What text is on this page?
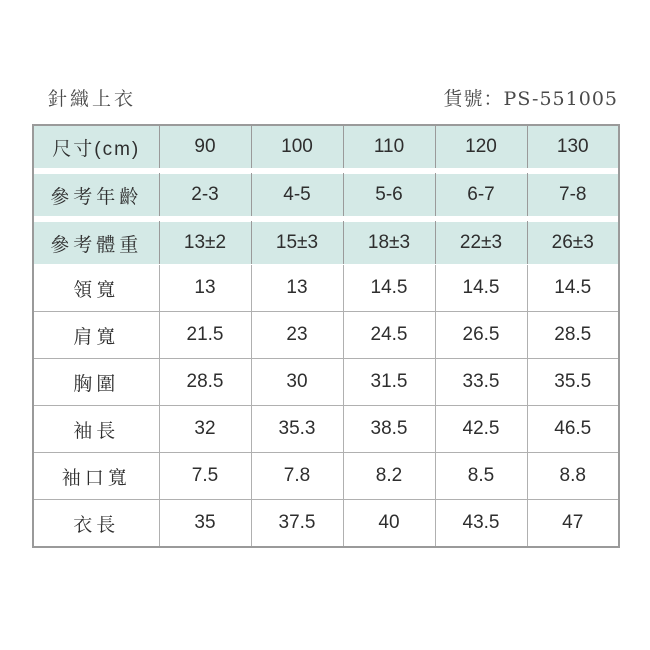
針織上衣	貨號：PS-551005
尺寸(cm)	90	100	110	120	130

參考年齡	2-3	4-5	5-6	6-7	7-8

參考體重	13±2	15±3	18±3	22±3	26±3
領寬	13	13	14.5	14.5	14.5
肩寬	21.5	23	24.5	26.5	28.5
胸圍	28.5	30	31.5	33.5	35.5
袖長	32	35.3	38.5	42.5	46.5
袖口寬	7.5	7.8	8.2	8.5	8.8
衣長	35	37.5	40	43.5	47
